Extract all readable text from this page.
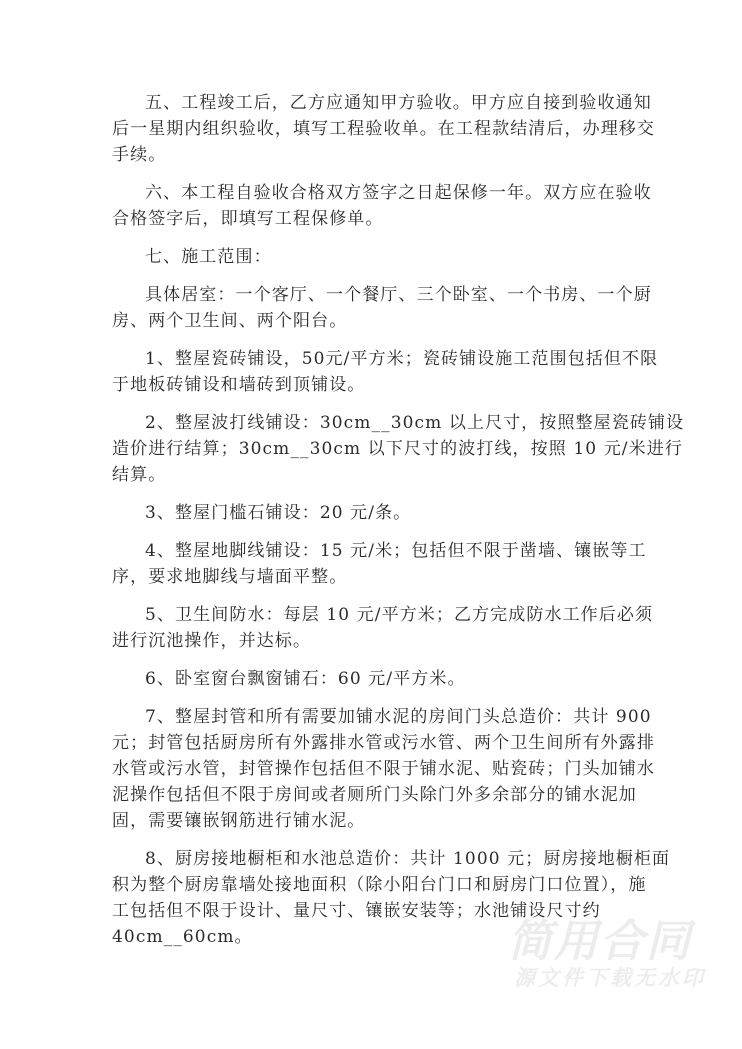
五、工程竣工后，乙方应通知甲方验收。甲方应自接到验收通知
后一星期内组织验收，填写工程验收单。在工程款结清后，办理移交
手续。
六、本工程自验收合格双方签字之日起保修一年。双方应在验收
合格签字后，即填写工程保修单。
七、施工范围：
具体居室：一个客厅、一个餐厅、三个卧室、一个书房、一个厨
房、两个卫生间、两个阳台。
1、整屋瓷砖铺设，50元/平方米；瓷砖铺设施工范围包括但不限
于地板砖铺设和墙砖到顶铺设。
2、整屋波打线铺设：30cm__30cm 以上尺寸，按照整屋瓷砖铺设
造价进行结算；30cm__30cm 以下尺寸的波打线，按照 10 元/米进行
结算。
3、整屋门槛石铺设：20 元/条。
4、整屋地脚线铺设：15 元/米；包括但不限于凿墙、镶嵌等工
序，要求地脚线与墙面平整。
5、卫生间防水：每层 10 元/平方米；乙方完成防水工作后必须
进行沉池操作，并达标。
6、卧室窗台飘窗铺石：60 元/平方米。
7、整屋封管和所有需要加铺水泥的房间门头总造价：共计 900
元；封管包括厨房所有外露排水管或污水管、两个卫生间所有外露排
水管或污水管，封管操作包括但不限于铺水泥、贴瓷砖；门头加铺水
泥操作包括但不限于房间或者厕所门头除门外多余部分的铺水泥加
固，需要镶嵌钢筋进行铺水泥。
8、厨房接地橱柜和水池总造价：共计 1000 元；厨房接地橱柜面
积为整个厨房靠墙处接地面积（除小阳台门口和厨房门口位置），施
工包括但不限于设计、量尺寸、镶嵌安装等；水池铺设尺寸约
40cm__60cm。	简用合同
源文件下载无水印
